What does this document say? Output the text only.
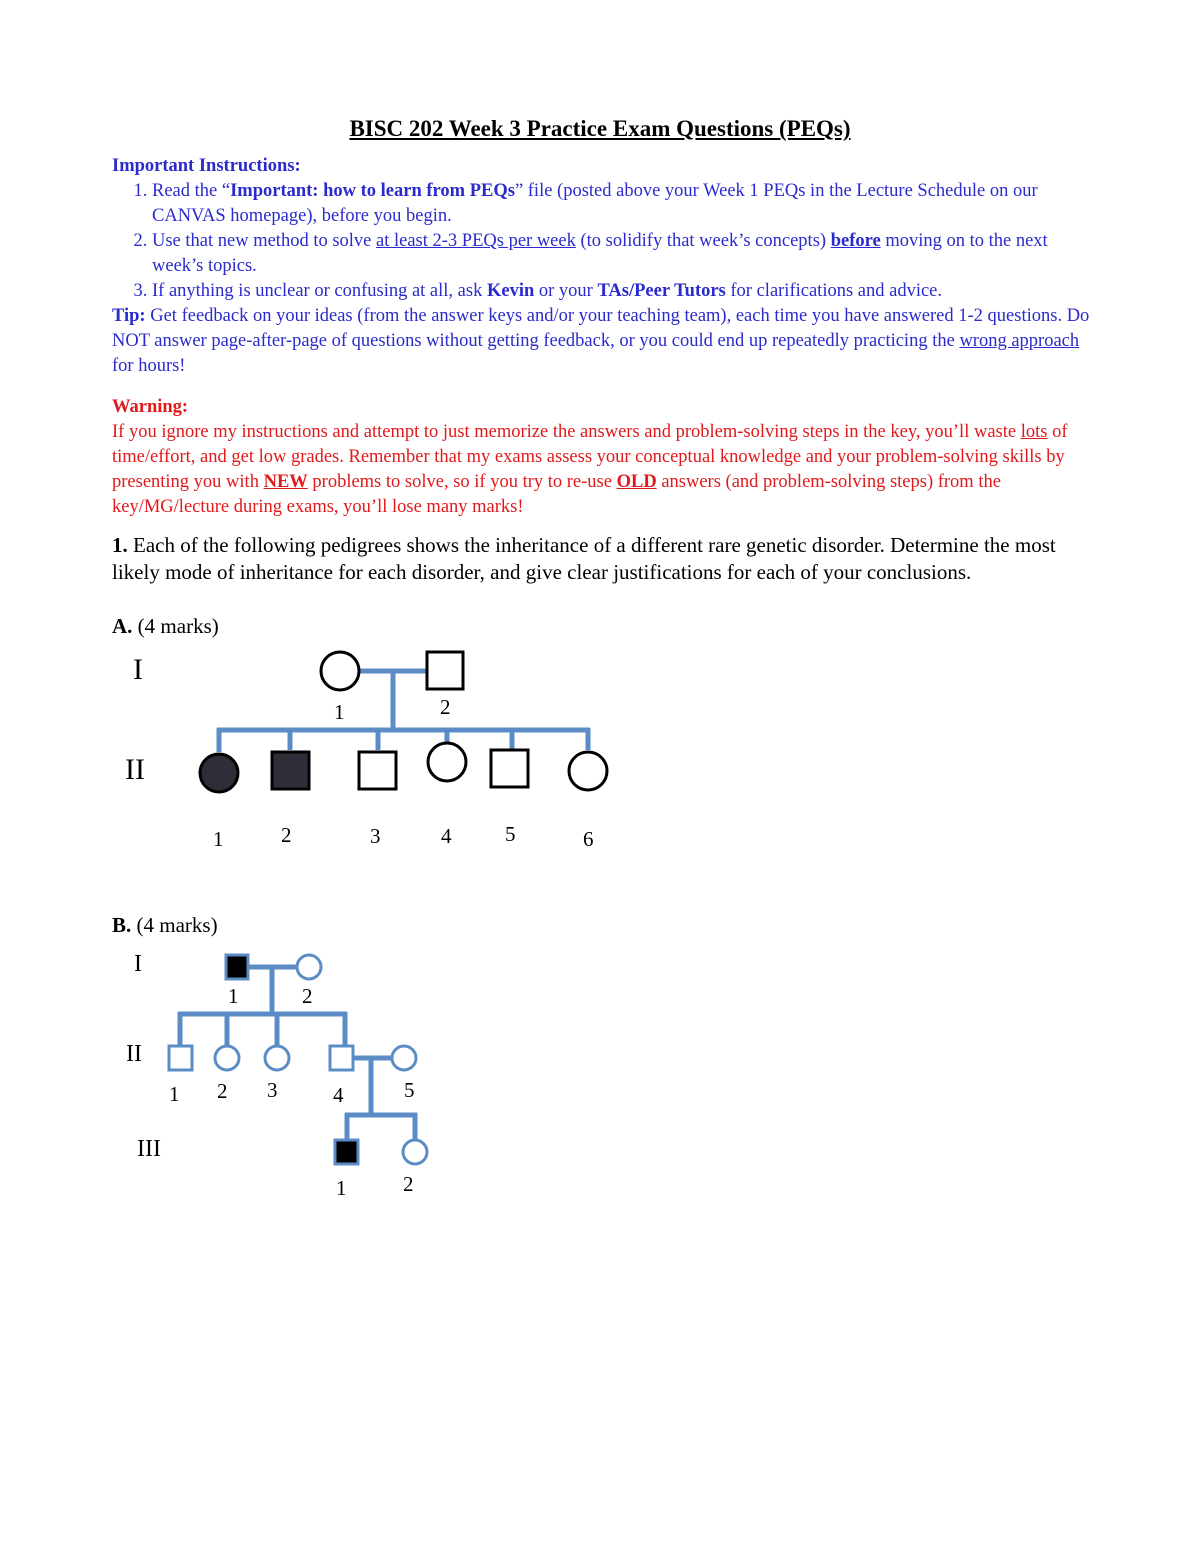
BISC 202 Week 3 Practice Exam Questions (PEQs)
Important Instructions:
1. Read the “Important: how to learn from PEQs” file (posted above your Week 1 PEQs in the Lecture Schedule on our CANVAS homepage), before you begin.
2. Use that new method to solve at least 2-3 PEQs per week (to solidify that week’s concepts) before moving on to the next week’s topics.
3. If anything is unclear or confusing at all, ask Kevin or your TAs/Peer Tutors for clarifications and advice.
Tip: Get feedback on your ideas (from the answer keys and/or your teaching team), each time you have answered 1-2 questions. Do NOT answer page-after-page of questions without getting feedback, or you could end up repeatedly practicing the wrong approach for hours!
Warning:
If you ignore my instructions and attempt to just memorize the answers and problem-solving steps in the key, you’ll waste lots of time/effort, and get low grades. Remember that my exams assess your conceptual knowledge and your problem-solving skills by presenting you with NEW problems to solve, so if you try to re-use OLD answers (and problem-solving steps) from the key/MG/lecture during exams, you’ll lose many marks!
1. Each of the following pedigrees shows the inheritance of a different rare genetic disorder. Determine the most likely mode of inheritance for each disorder, and give clear justifications for each of your conclusions.
A. (4 marks)
I
II
1	2
1	2	3	4	5	6
B. (4 marks)
I
II
III
1	2
1 2 3	4	5
1	2
